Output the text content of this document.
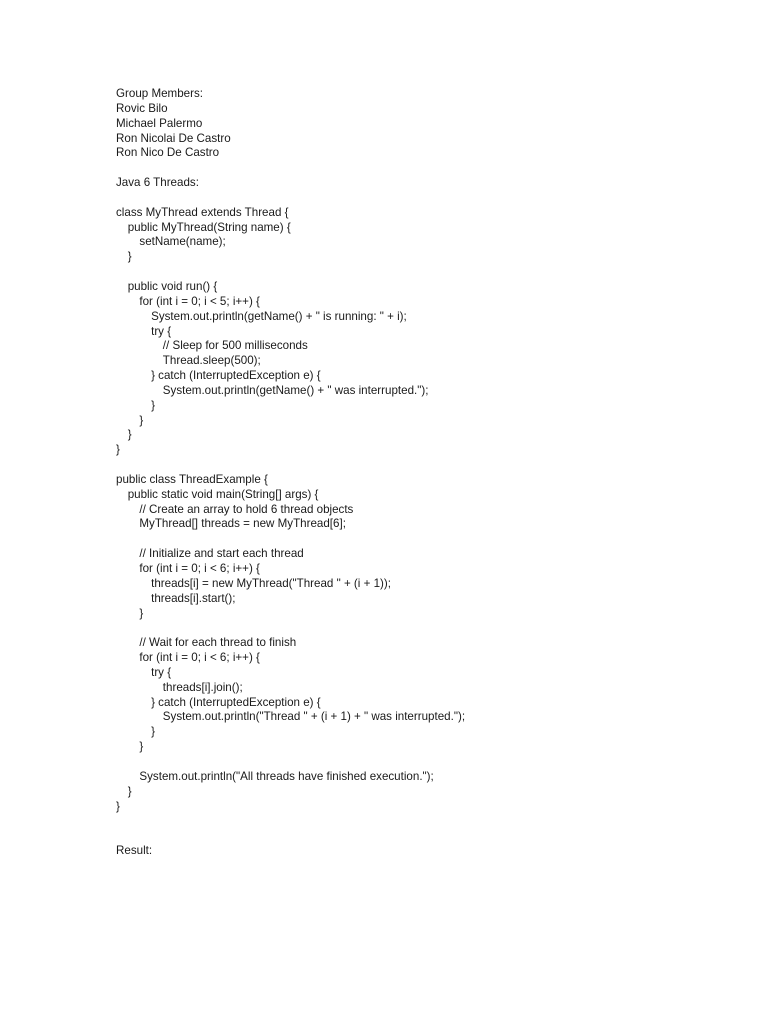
Group Members:
Rovic Bilo
Michael Palermo
Ron Nicolai De Castro
Ron Nico De Castro
Java 6 Threads:
class MyThread extends Thread {
public MyThread(String name) {
setName(name);
}
public void run() {
for (int i = 0; i < 5; i++) {
System.out.println(getName() + " is running: " + i);
try {
// Sleep for 500 milliseconds
Thread.sleep(500);
} catch (InterruptedException e) {
System.out.println(getName() + " was interrupted.");
}
}
}
}
public class ThreadExample {
public static void main(String[] args) {
// Create an array to hold 6 thread objects
MyThread[] threads = new MyThread[6];
// Initialize and start each thread
for (int i = 0; i < 6; i++) {
threads[i] = new MyThread("Thread " + (i + 1));
threads[i].start();
}
// Wait for each thread to finish
for (int i = 0; i < 6; i++) {
try {
threads[i].join();
} catch (InterruptedException e) {
System.out.println("Thread " + (i + 1) + " was interrupted.");
}
}
System.out.println("All threads have finished execution.");
}
}
Result:
